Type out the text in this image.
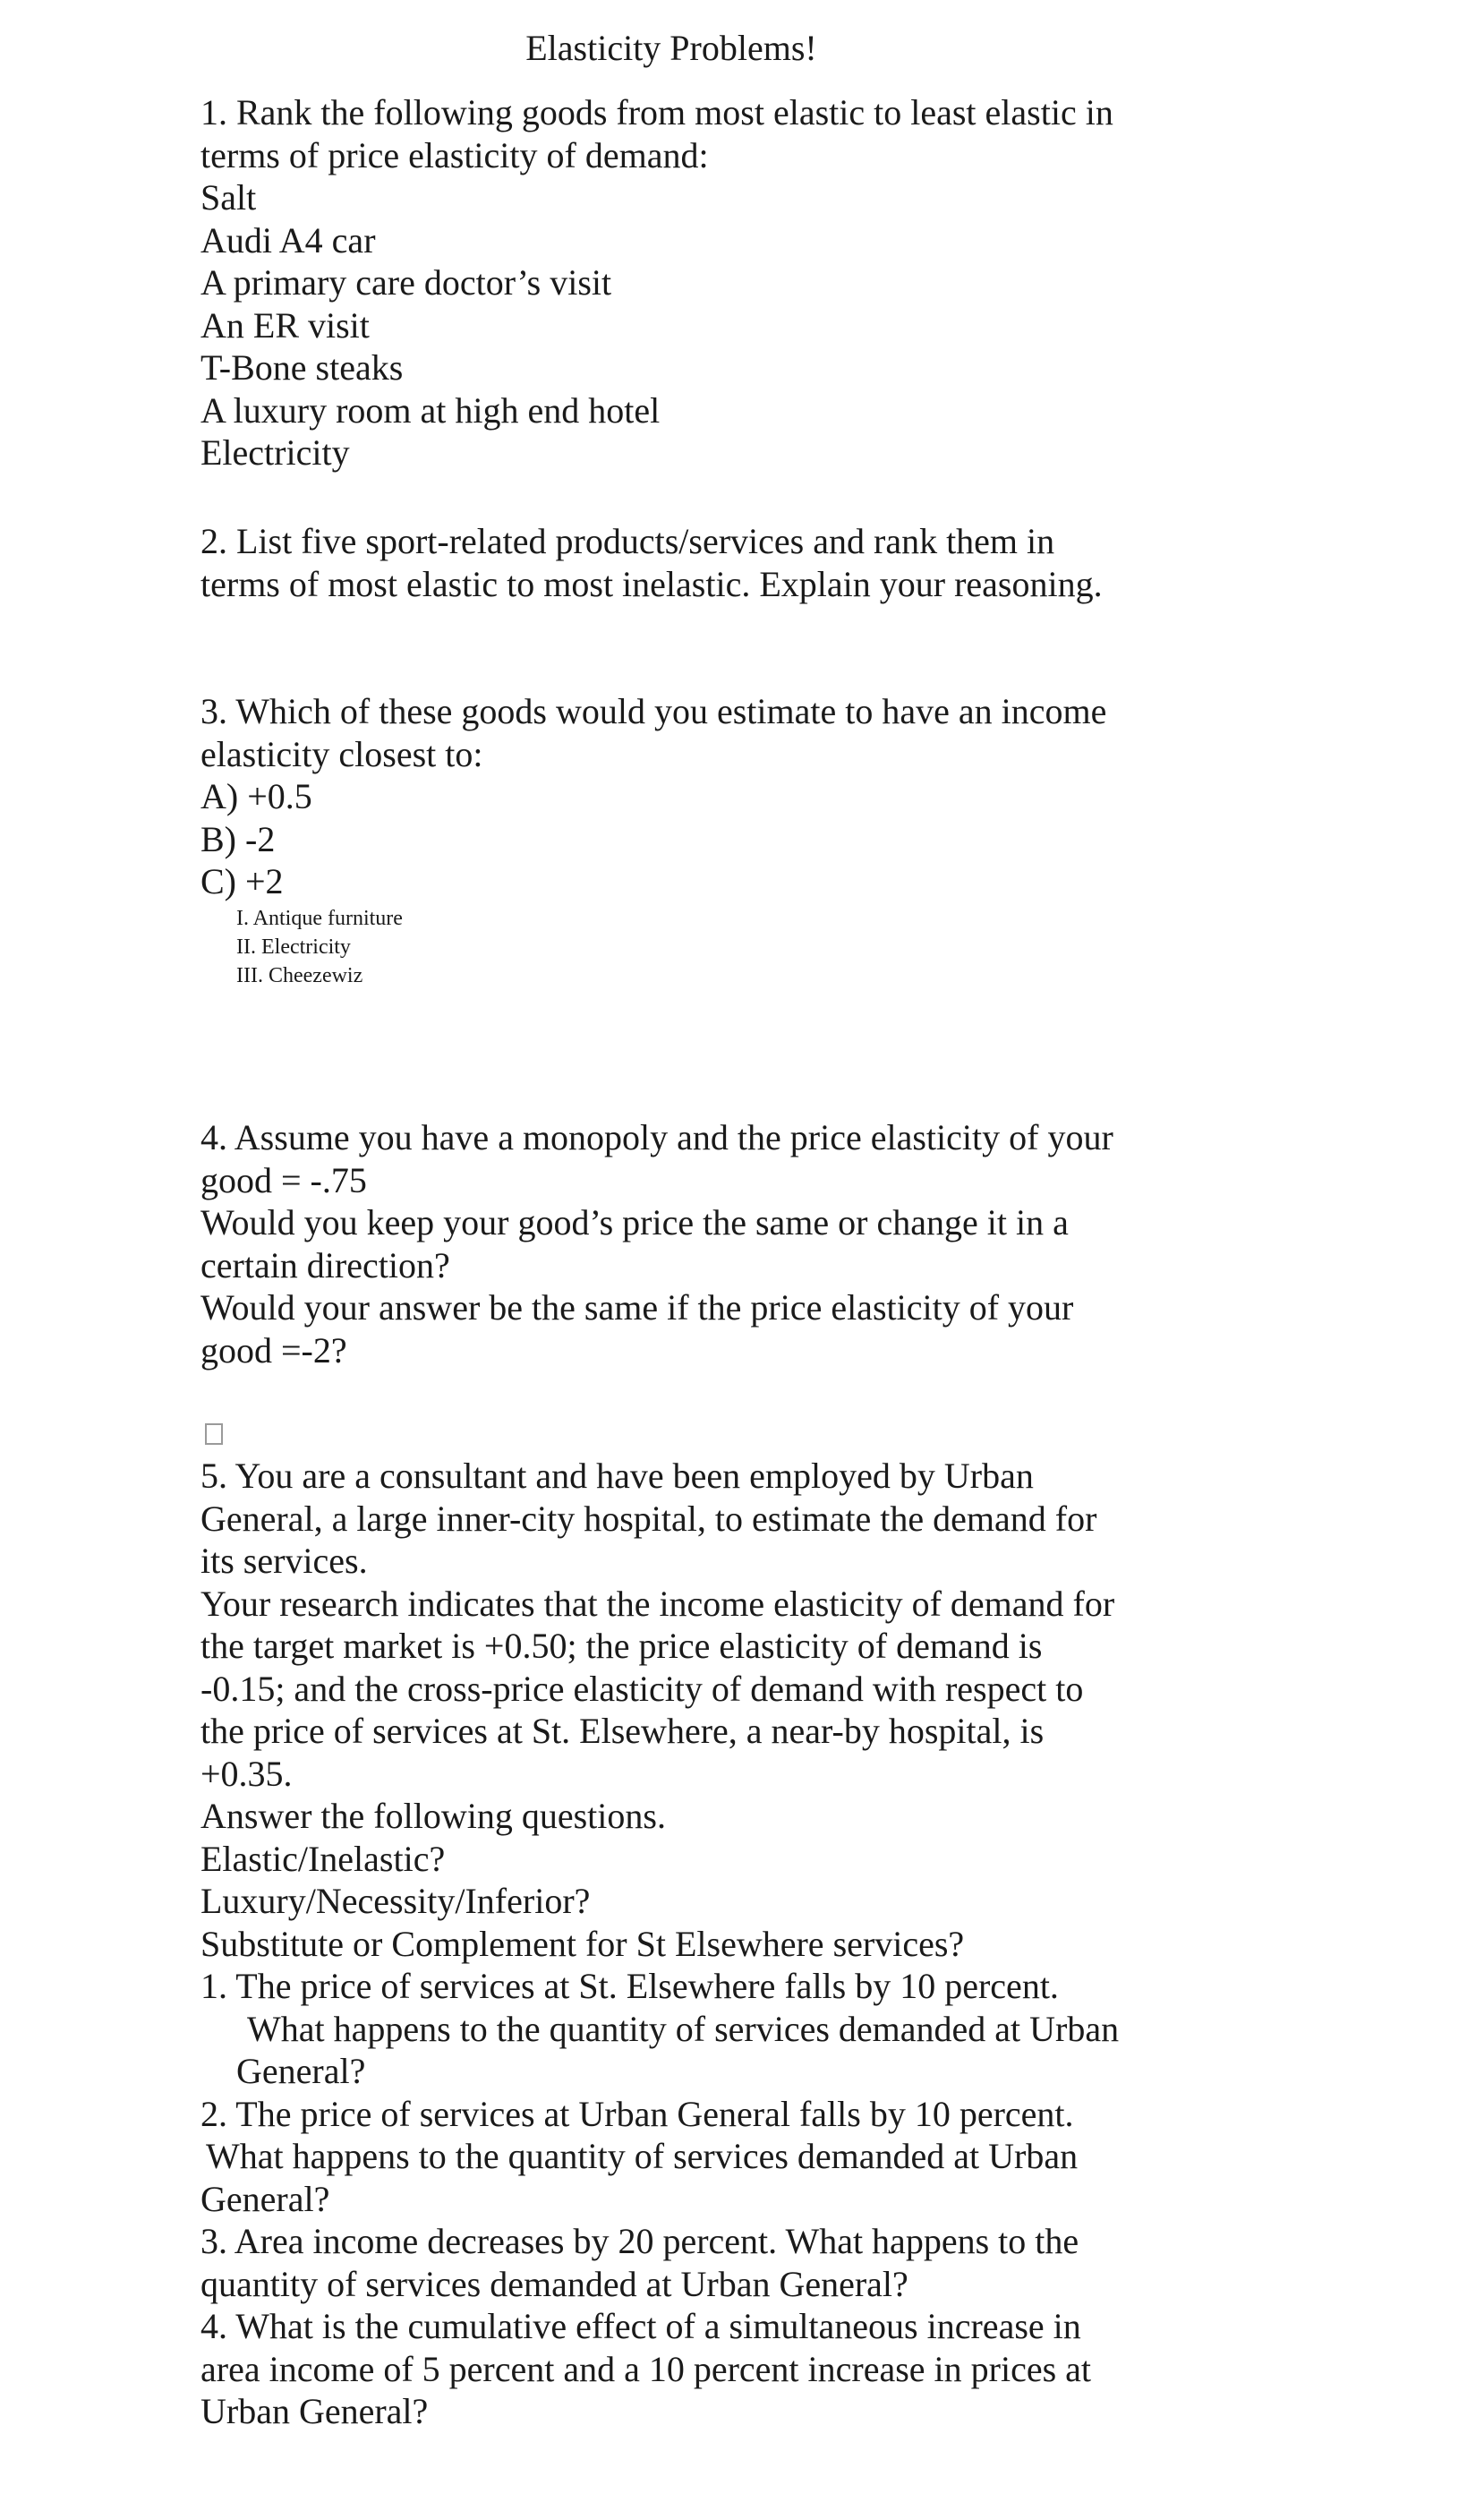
Elasticity Problems!
1. Rank the following goods from most elastic to least elastic in
terms of price elasticity of demand:
Salt
Audi A4 car
A primary care doctor’s visit
An ER visit
T-Bone steaks
A luxury room at high end hotel
Electricity
2. List five sport-related products/services and rank them in
terms of most elastic to most inelastic. Explain your reasoning.
3. Which of these goods would you estimate to have an income
elasticity closest to:
A) +0.5
B) -2
C) +2
I. Antique furniture
II. Electricity
III. Cheezewiz
4. Assume you have a monopoly and the price elasticity of your
good = -.75
Would you keep your good’s price the same or change it in a
certain direction?
Would your answer be the same if the price elasticity of your
good =-2?
5. You are a consultant and have been employed by Urban
General, a large inner-city hospital, to estimate the demand for
its services.
Your research indicates that the income elasticity of demand for
the target market is +0.50; the price elasticity of demand is
-0.15; and the cross-price elasticity of demand with respect to
the price of services at St. Elsewhere, a near-by hospital, is
+0.35.
Answer the following questions.
Elastic/Inelastic?
Luxury/Necessity/Inferior?
Substitute or Complement for St Elsewhere services?
1. The price of services at St. Elsewhere falls by 10 percent.
What happens to the quantity of services demanded at Urban
General?
2. The price of services at Urban General falls by 10 percent.
What happens to the quantity of services demanded at Urban
General?
3. Area income decreases by 20 percent. What happens to the
quantity of services demanded at Urban General?
4. What is the cumulative effect of a simultaneous increase in
area income of 5 percent and a 10 percent increase in prices at
Urban General?
